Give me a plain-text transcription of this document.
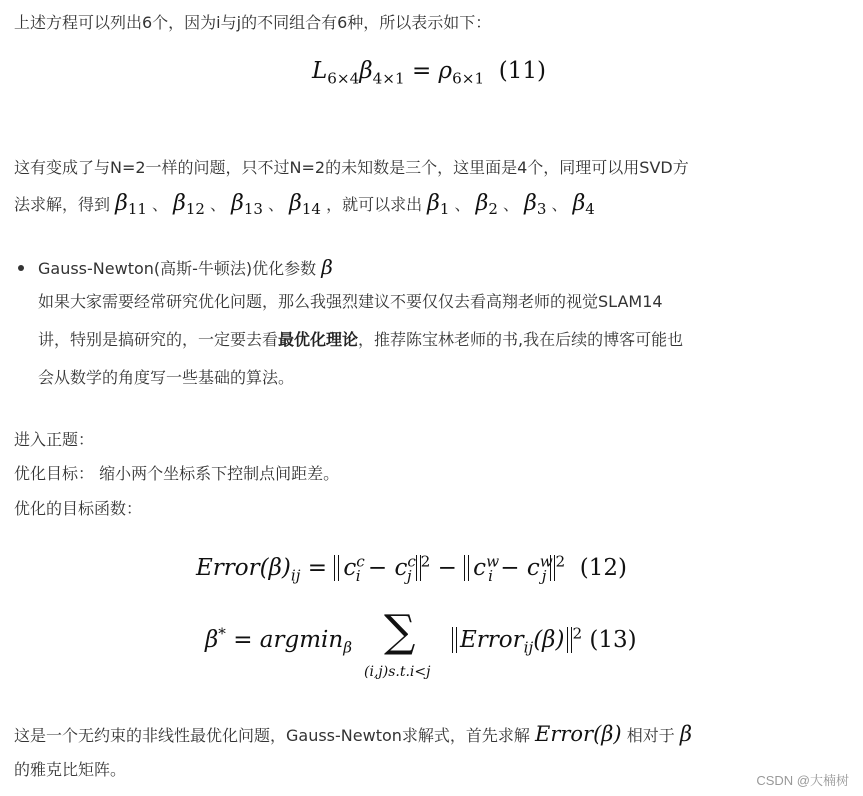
上述方程可以列出6个，因为i与j的不同组合有6种，所以表示如下：
$L_{6\times 4}\beta_{4\times 1} = \rho_{6\times 1}$ (11)
这有变成了与N=2一样的问题，只不过N=2的未知数是三个，这里面是4个，同理可以用SVD方
法求解，得到 $\beta_{11}$ 、 $\beta_{12}$ 、 $\beta_{13}$ 、 $\beta_{14}$ ，就可以求出 $\beta_1$ 、 $\beta_2$ 、 $\beta_3$ 、 $\beta_4$
Gauss-Newton(高斯-牛顿法)优化参数 β
如果大家需要经常研究优化问题，那么我强烈建议不要仅仅去看高翔老师的视觉SLAM14
讲，特别是搞研究的，一定要去看最优化理论，推荐陈宝林老师的书,我在后续的博客可能也
会从数学的角度写一些基础的算法。
进入正题：
优化目标： 缩小两个坐标系下控制点间距差。
优化的目标函数：
$Error(\beta)_{ij} = c^c_i - c^c_j^2 - c^w_i - c^w_j^2$ (12)
β* = argmin$_\beta$ ∑
(i,j)s.t.i<j
Error$_{ij}$(β) $^2$ (13)
这是一个无约束的非线性最优化问题，Gauss-Newton求解式，首先求解 Error(β) 相对于 β
的雅克比矩阵。
CSDN @大楠树
